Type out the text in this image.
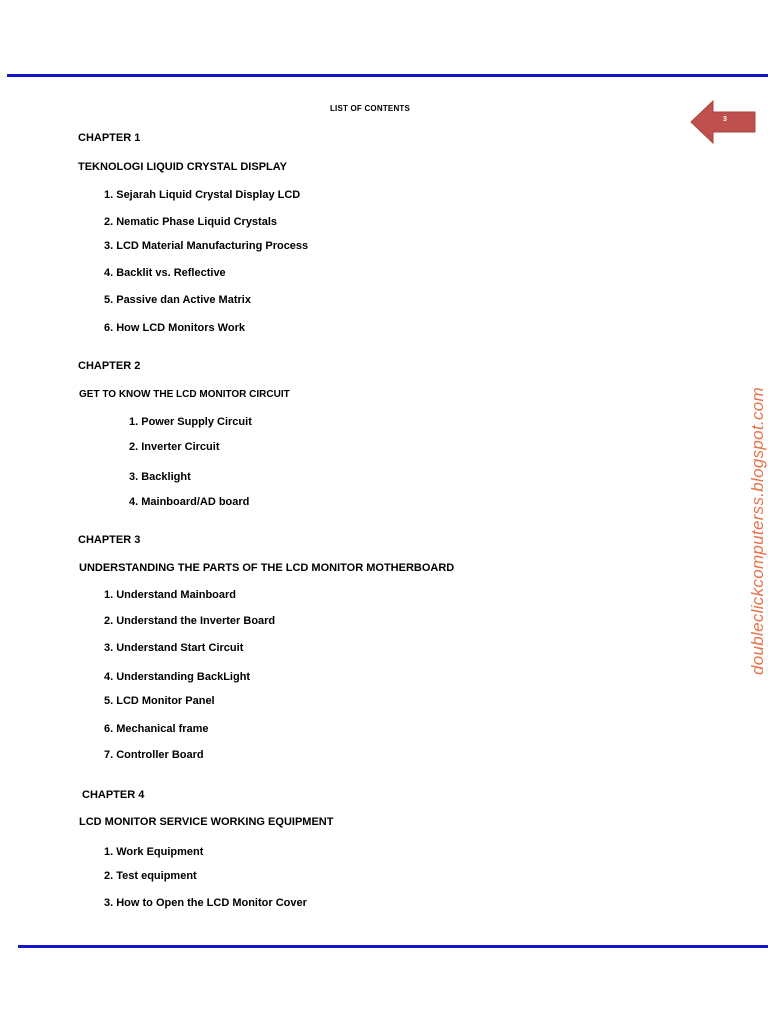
LIST OF CONTENTS
3
CHAPTER 1
TEKNOLOGI LIQUID CRYSTAL DISPLAY
1. Sejarah Liquid Crystal Display LCD
2. Nematic Phase Liquid Crystals
3. LCD Material Manufacturing Process
4. Backlit vs. Reflective
5. Passive dan Active Matrix
6. How LCD Monitors Work
CHAPTER 2
GET TO KNOW THE LCD MONITOR CIRCUIT
1. Power Supply Circuit
2. Inverter Circuit
3. Backlight
4. Mainboard/AD board
CHAPTER 3
UNDERSTANDING THE PARTS OF THE LCD MONITOR MOTHERBOARD
1. Understand Mainboard
2. Understand the Inverter Board
3. Understand Start Circuit
4. Understanding BackLight
5. LCD Monitor Panel
6. Mechanical frame
7. Controller Board
CHAPTER 4
LCD MONITOR SERVICE WORKING EQUIPMENT
1. Work Equipment
2. Test equipment
3. How to Open the LCD Monitor Cover
doubleclickcomputerss.blogspot.com
